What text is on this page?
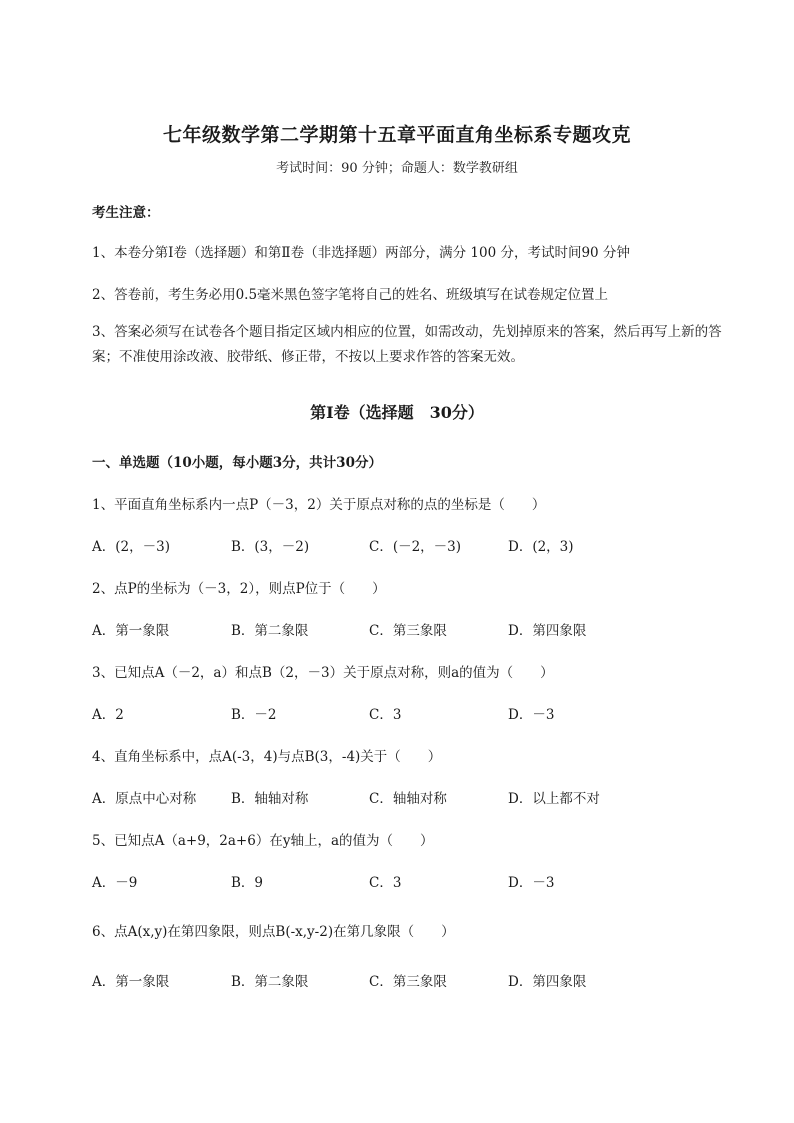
七年级数学第二学期第十五章平面直角坐标系专题攻克
考试时间：90 分钟；命题人：数学教研组
考生注意：
1、本卷分第Ⅰ卷（选择题）和第Ⅱ卷（非选择题）两部分，满分 100 分，考试时间90 分钟
2、答卷前，考生务必用0.5毫米黑色签字笔将自己的姓名、班级填写在试卷规定位置上
3、答案必须写在试卷各个题目指定区域内相应的位置，如需改动，先划掉原来的答案，然后再写上新的答案；不准使用涂改液、胶带纸、修正带，不按以上要求作答的答案无效。
第Ⅰ卷（选择题　30分）
一、单选题（10小题，每小题3分，共计30分）
1、平面直角坐标系内一点P（－3，2）关于原点对称的点的坐标是（　　）
A．(2，－3)	B．(3，－2)	C．(－2，－3)	D．(2，3)
2、点P的坐标为（－3，2），则点P位于（　　）
A．第一象限	B．第二象限	C．第三象限	D．第四象限
3、已知点A（－2，a）和点B（2，－3）关于原点对称，则a的值为（　　）
A．2	B．－2	C．3	D．－3
4、直角坐标系中，点A(-3，4)与点B(3，-4)关于（　　）
A．原点中心对称	B．轴轴对称	C．轴轴对称	D．以上都不对
5、已知点A（a+9，2a+6）在y轴上，a的值为（　　）
A．－9	B．9	C．3	D．－3
6、点A(x,y)在第四象限，则点B(-x,y-2)在第几象限（　　）
A．第一象限	B．第二象限	C．第三象限	D．第四象限
